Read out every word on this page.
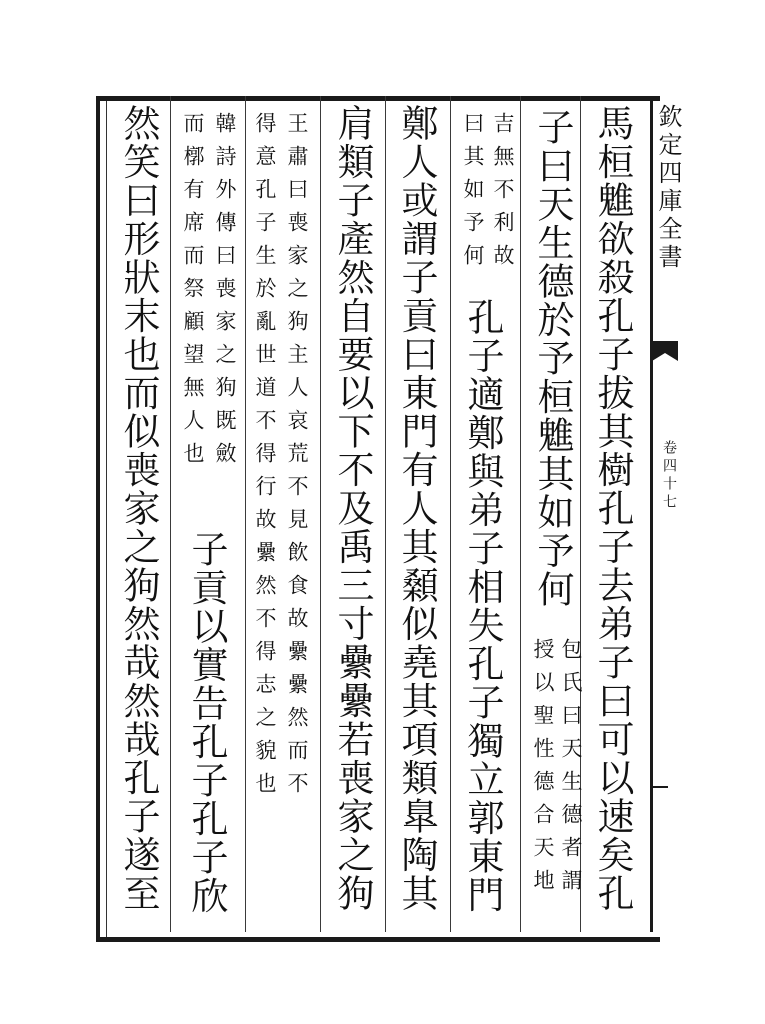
欽定四庫全書
卷四十七
馬桓魋欲殺孔子拔其樹孔子去弟子曰可以速矣孔
子曰天生德於予桓魋其如予何
包氏曰天生德者謂
授以聖性德合天地
吉無不利故
曰其如予何
孔子適鄭與弟子相失孔子獨立郭東門
鄭人或謂子貢曰東門有人其顙似堯其項類臯陶其
肩類子產然自要以下不及禹三寸纍纍若喪家之狗
王肅曰喪家之狗主人哀荒不見飲食故纍纍然而不
得意孔子生於亂世道不得行故纍然不得志之貌也
韓詩外傳曰喪家之狗既斂
而槨有席而祭顧望無人也
子貢以實告孔子孔子欣
然笑曰形狀末也而似喪家之狗然哉然哉孔子遂至
